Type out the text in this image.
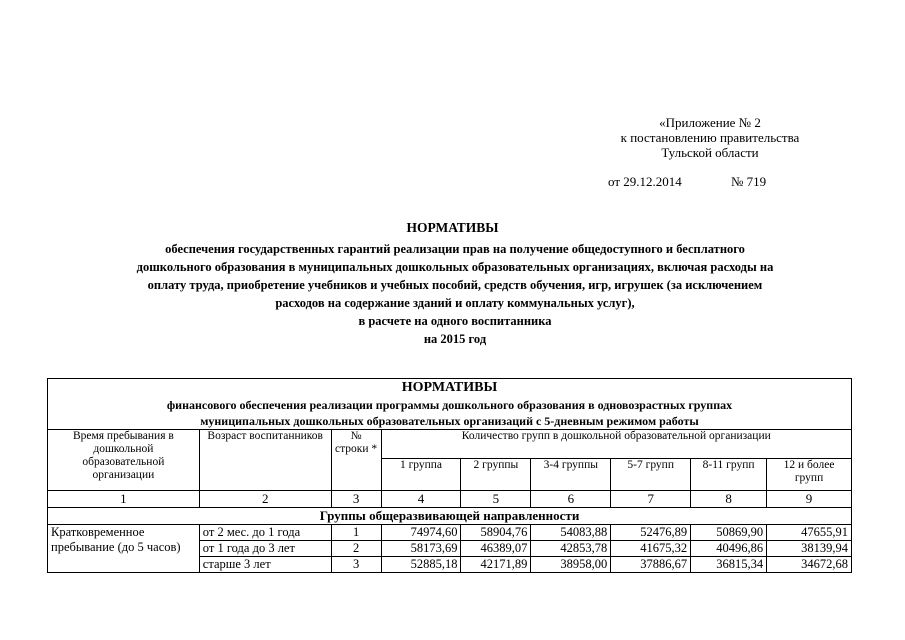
«Приложение № 2
к постановлению правительства
Тульской области
от 29.12.2014	№ 719
НОРМАТИВЫ
обеспечения государственных гарантий реализации прав на получение общедоступного и бесплатного
дошкольного образования в муниципальных дошкольных образовательных организациях, включая расходы на
оплату труда, приобретение учебников и учебных пособий, средств обучения, игр, игрушек (за исключением
расходов на содержание зданий и оплату коммунальных услуг),
в расчете на одного воспитанника
на 2015 год
НОРМАТИВЫ
финансового обеспечения реализации программы дошкольного образования в одновозрастных группах
муниципальных дошкольных образовательных организаций с 5-дневным режимом работы								

Время пребывания в дошкольной образовательной организации	Возраст воспитанников	№ строки *	Количество групп в дошкольной образовательной организации					
			1 группа	2 группы	3-4 группы	5-7 групп	8-11 групп	12 и более групп
1	2	3	4	5	6	7	8	9
Группы общеразвивающей направленности								
Кратковременное пребывание (до 5 часов)	от 2 мес. до 1 года	1	74974,60	58904,76	54083,88	52476,89	50869,90	47655,91
	от 1 года до 3 лет	2	58173,69	46389,07	42853,78	41675,32	40496,86	38139,94
	старше 3 лет	3	52885,18	42171,89	38958,00	37886,67	36815,34	34672,68
